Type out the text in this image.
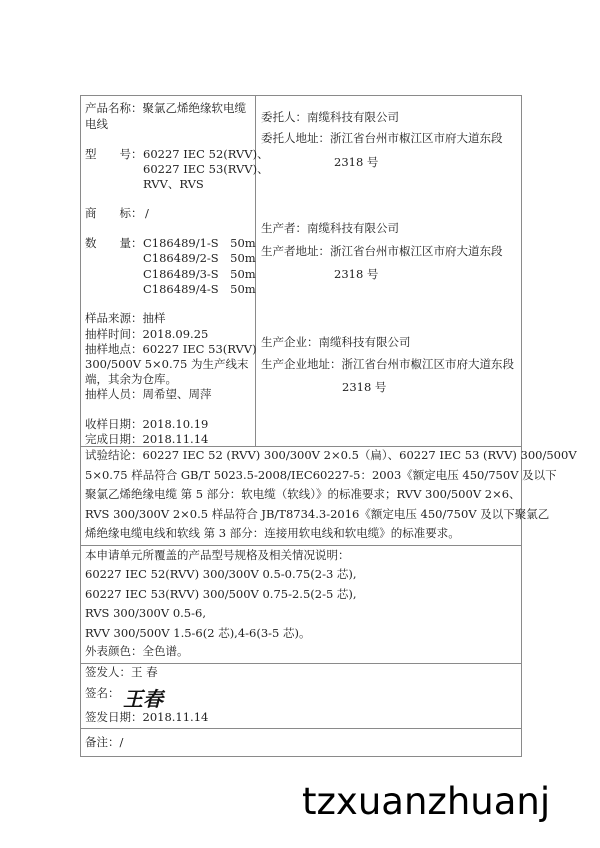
产品名称：聚氯乙烯绝缘软电缆
电线
型　　号： 60227 IEC 52(RVV)、
60227 IEC 53(RVV)、
RVV、RVS
商　　标： /
数　　量： C186489/1-S　50m
C186489/2-S　50m
C186489/3-S　50m
C186489/4-S　50m
样品来源：抽样
抽样时间：2018.09.25
抽样地点：60227 IEC 53(RVV)
300/500V 5×0.75 为生产线末
端，其余为仓库。
抽样人员：周希望、周萍
收样日期：2018.10.19
完成日期：2018.11.14
委托人：南缆科技有限公司
委托人地址：浙江省台州市椒江区市府大道东段
2318 号
生产者：南缆科技有限公司
生产者地址：浙江省台州市椒江区市府大道东段
2318 号
生产企业：南缆科技有限公司
生产企业地址：浙江省台州市椒江区市府大道东段
2318 号
试验结论：60227 IEC 52 (RVV) 300/300V 2×0.5（扁）、60227 IEC 53 (RVV) 300/500V
5×0.75 样品符合 GB/T 5023.5-2008/IEC60227-5：2003《额定电压 450/750V 及以下
聚氯乙烯绝缘电缆 第 5 部分：软电缆（软线）》的标准要求；RVV 300/500V 2×6、
RVS 300/300V 2×0.5 样品符合 JB/T8734.3-2016《额定电压 450/750V 及以下聚氯乙
烯绝缘电缆电线和软线 第 3 部分：连接用软电线和软电缆》的标准要求。
本申请单元所覆盖的产品型号规格及相关情况说明：
60227 IEC 52(RVV) 300/300V 0.5-0.75(2-3 芯),
60227 IEC 53(RVV) 300/500V 0.75-2.5(2-5 芯),
RVS 300/300V 0.5-6,
RVV 300/500V 1.5-6(2 芯),4-6(3-5 芯)。
外表颜色：全色谱。
签发人：王 春
签名： 王春
签发日期：2018.11.14
备注：/
tzxuanzhuanj
